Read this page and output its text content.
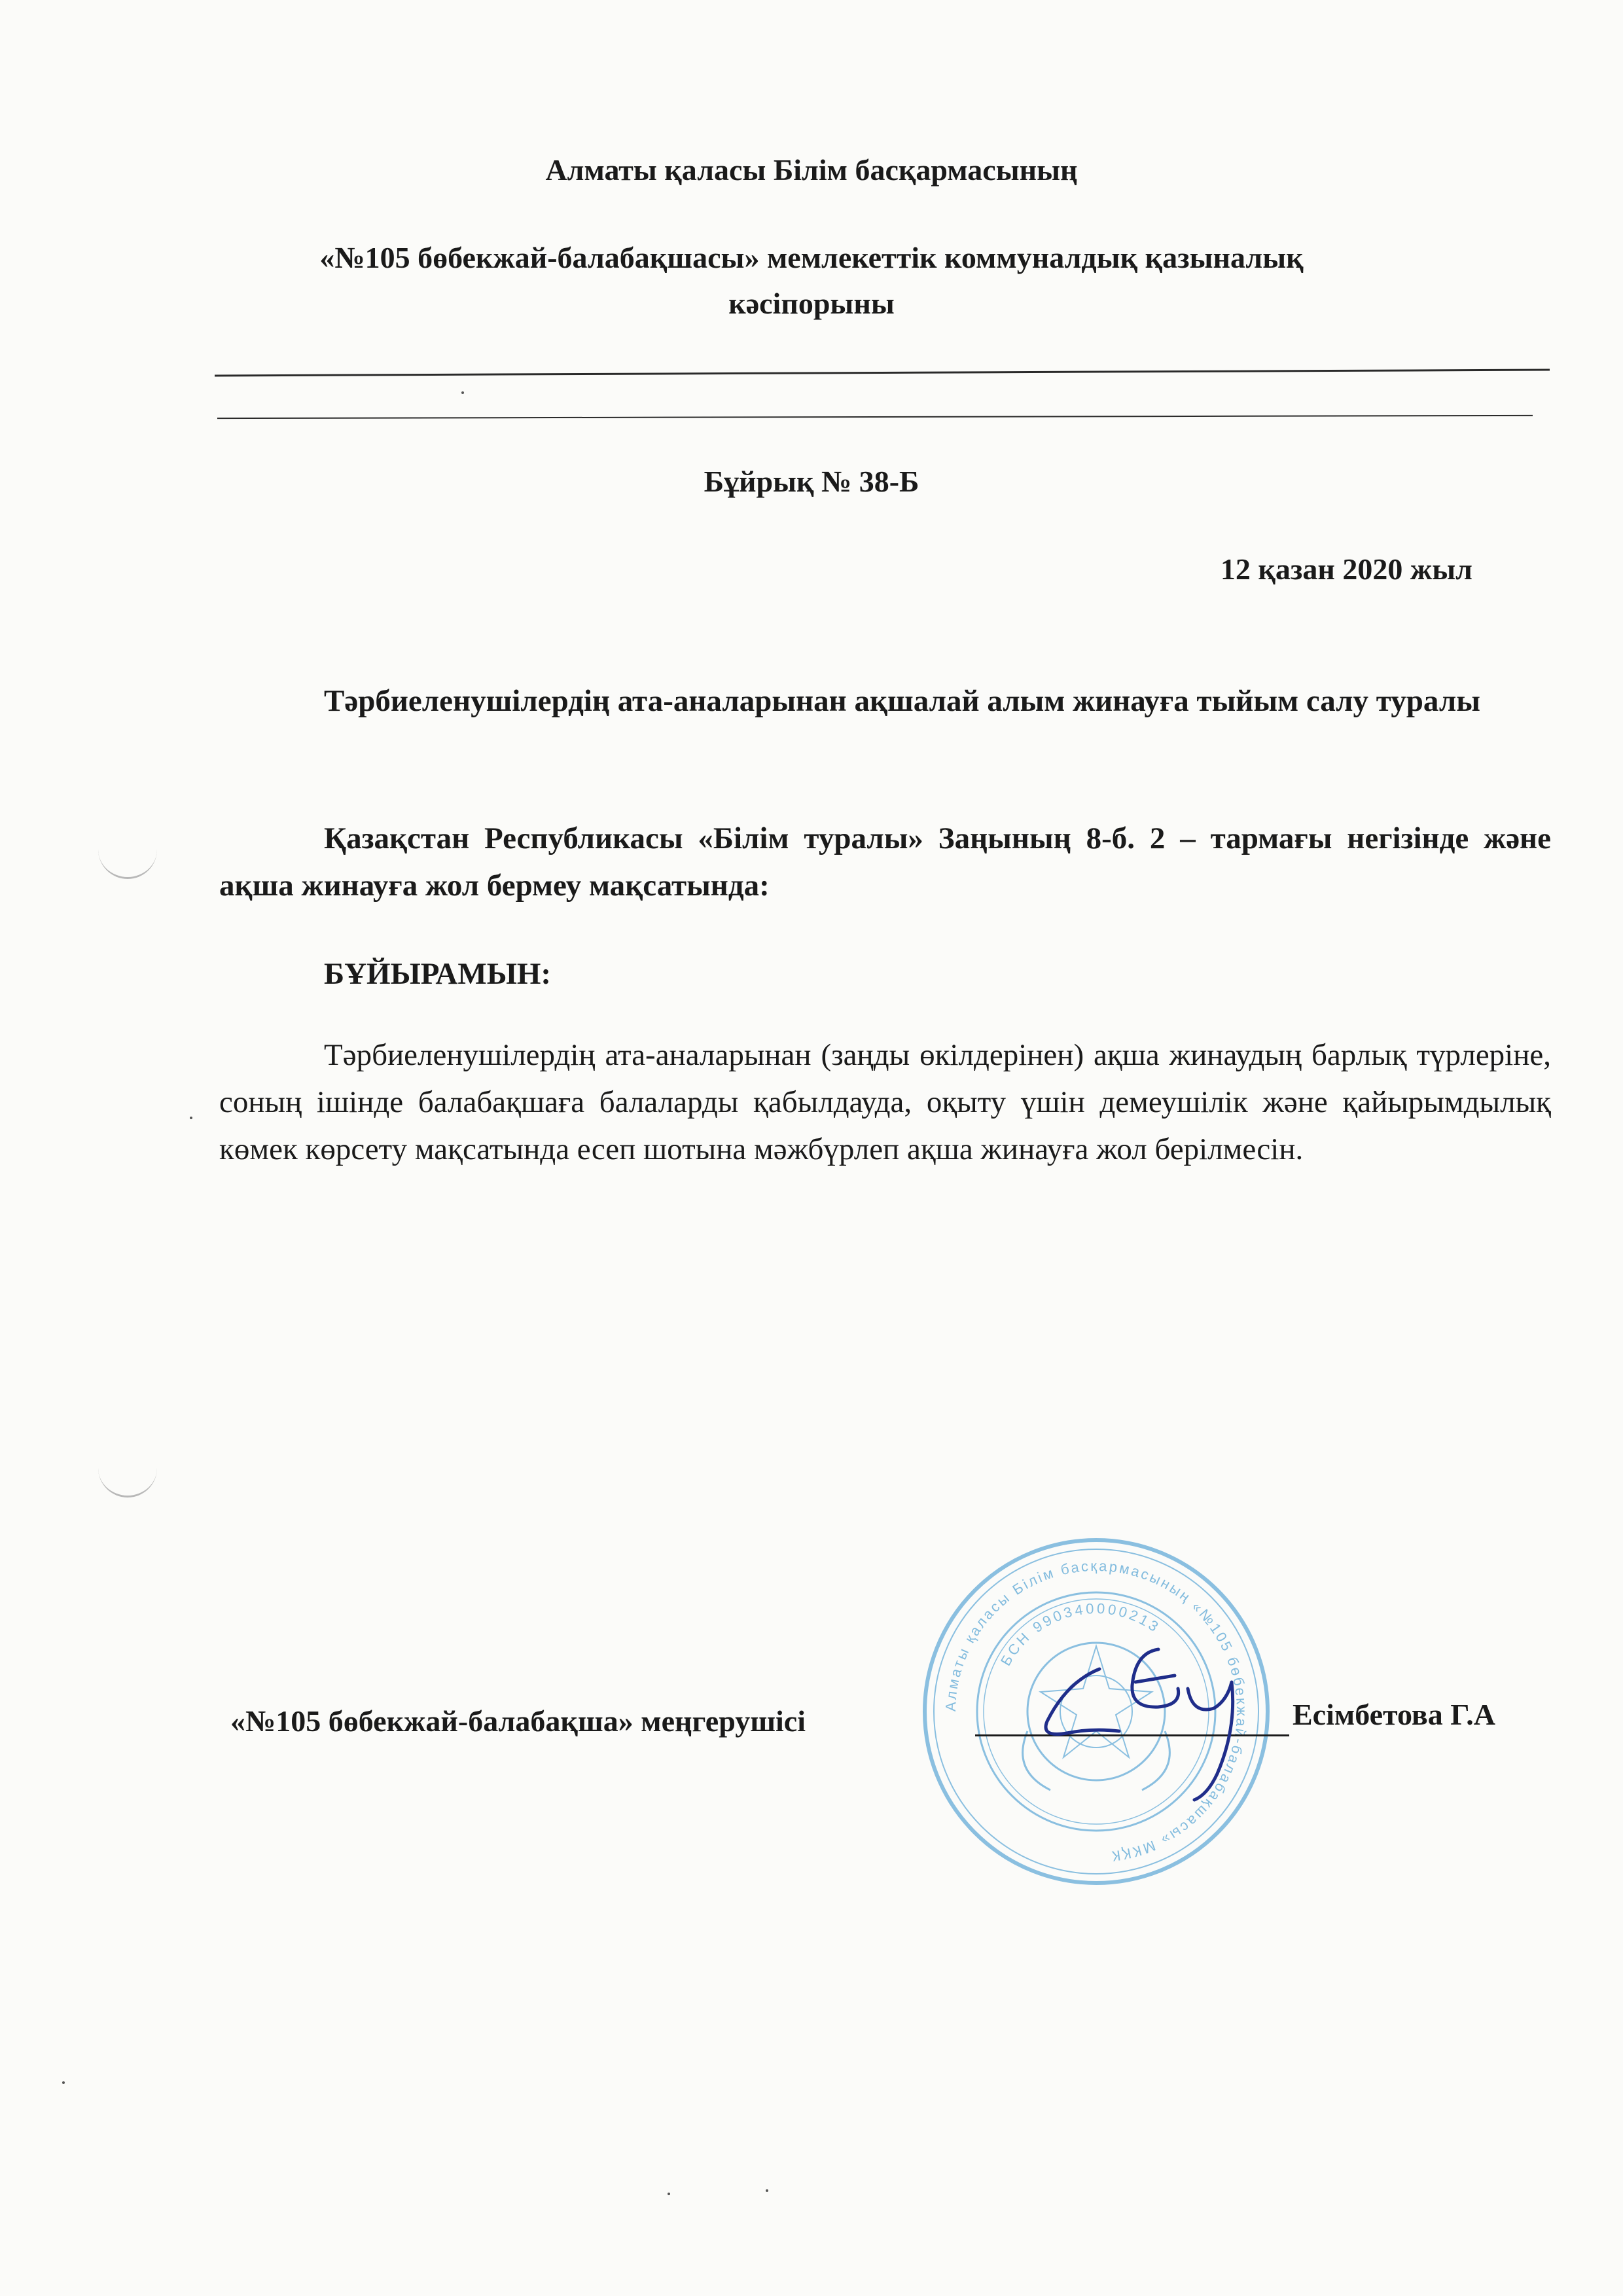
Алматы қаласы Білім басқармасының
«№105 бөбекжай-балабақшасы» мемлекеттік коммуналдық қазыналық
кәсіпорыны
Бұйрық № 38-Б
12 қазан 2020 жыл
Тәрбиеленушілердің ата-аналарынан ақшалай алым жинауға тыйым салу туралы
Қазақстан Республикасы «Білім туралы» Заңының 8-б. 2 – тармағы негізінде және ақша жинауға жол бермеу мақсатында:
БҰЙЫРАМЫН:
Тәрбиеленушілердің ата-аналарынан (заңды өкілдерінен) ақша жинаудың барлық түрлеріне, соның ішінде балабақшаға балаларды қабылдауда, оқыту үшін демеушілік және қайырымдылық көмек көрсету мақсатында есеп шотына мәжбүрлеп ақша жинауға жол берілмесін.
Алматы қаласы Білім басқармасының «№105 бөбекжай-балабақшасы» МКҚК
БСН 990340000213
«№105 бөбекжай-балабақша» меңгерушісі	Есімбетова Г.А
